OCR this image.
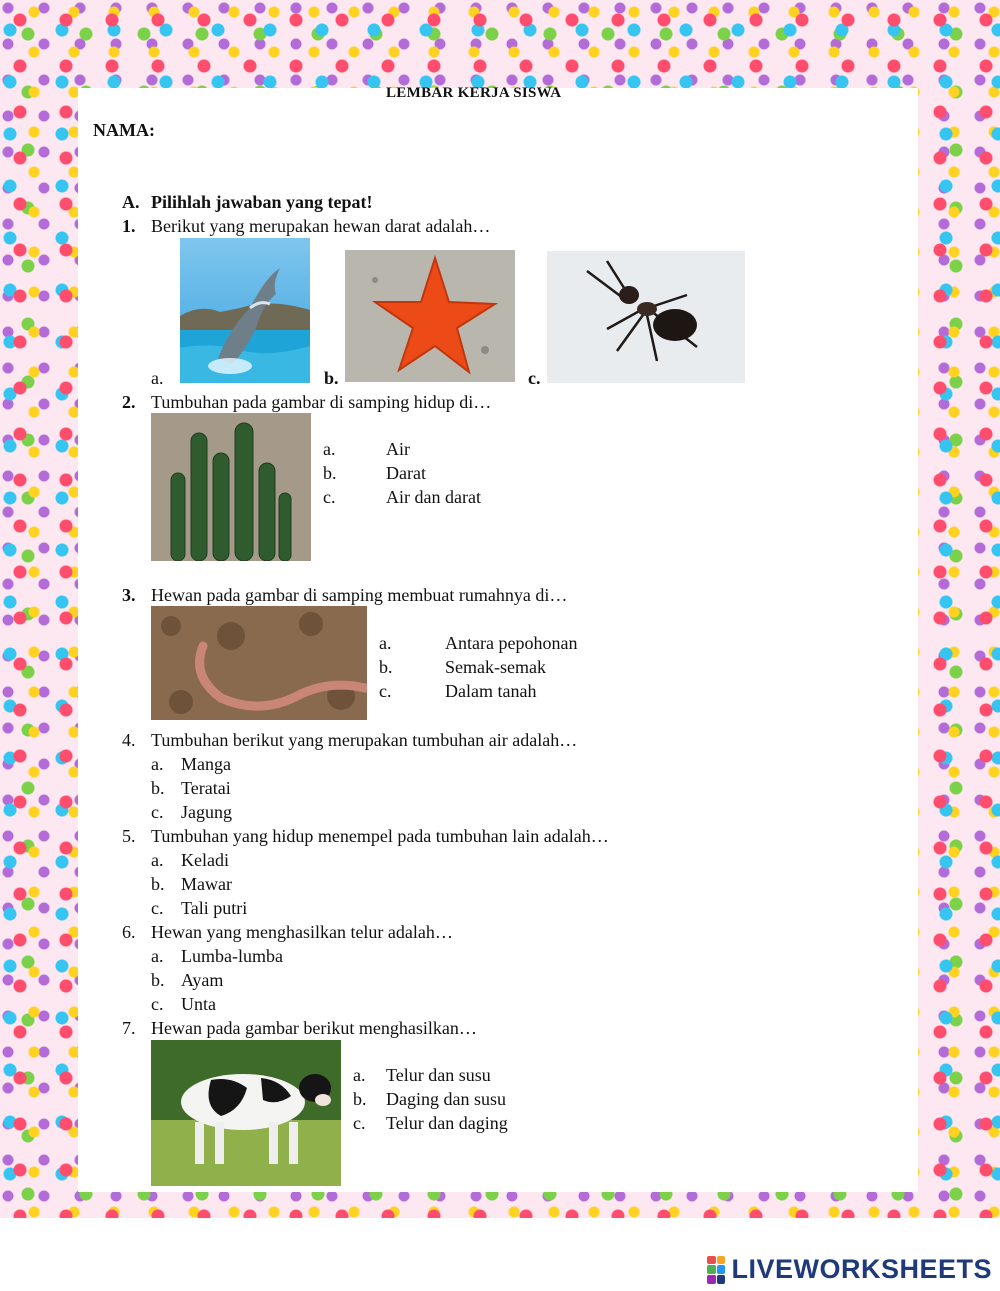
LEMBAR KERJA SISWA
NAMA:
A. Pilihlah jawaban yang tepat!
1. Berikut yang merupakan hewan darat adalah…
a.	b.	c.
2. Tumbuhan pada gambar di samping hidup di…
a.	Air
b.	Darat
c.	Air dan darat
3. Hewan pada gambar di samping membuat rumahnya di…
a.	Antara pepohonan
b.	Semak-semak
c.	Dalam tanah
4. Tumbuhan berikut yang merupakan tumbuhan air adalah…
a. Manga
b. Teratai
c. Jagung
5. Tumbuhan yang hidup menempel pada tumbuhan lain adalah…
a. Keladi
b. Mawar
c. Tali putri
6. Hewan yang menghasilkan telur adalah…
a. Lumba-lumba
b. Ayam
c. Unta
7. Hewan pada gambar berikut menghasilkan…
a. Telur dan susu
b. Daging dan susu
c. Telur dan daging
LIVEWORKSHEETS
